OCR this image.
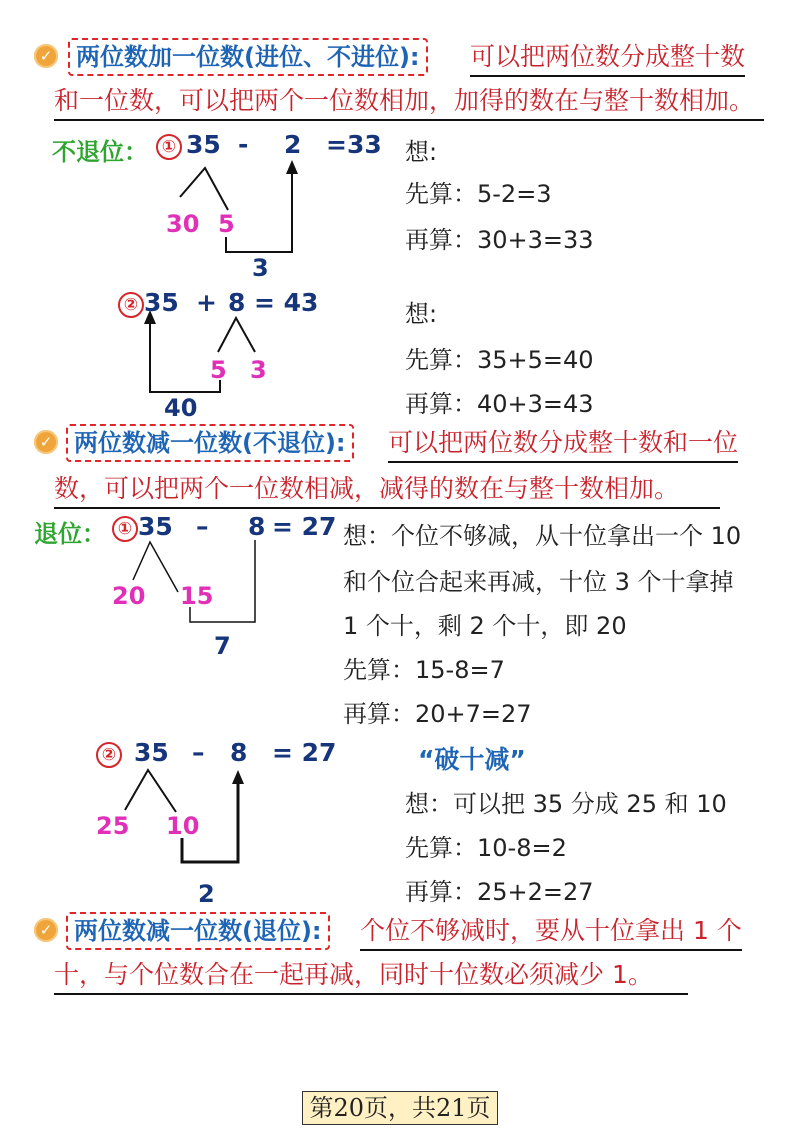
✓ 两位数加一位数(进位、不进位):	可以把两位数分成整十数
和一位数，可以把两个一位数相加，加得的数在与整十数相加。
不退位： ① 35 - 2 =33
30 5
3
想:
先算：5-2=3
再算：30+3=33
② 35 + 8 = 43
5 3
40
想:
先算：35+5=40
再算：40+3=43
✓ 两位数减一位数(不退位):	可以把两位数分成整十数和一位
数，可以把两个一位数相减，减得的数在与整十数相加。
退位： ① 35 – 8 = 27
20 15
7
想：个位不够减，从十位拿出一个 10
和个位合起来再减，十位 3 个十拿掉
1 个十，剩 2 个十，即 20
先算：15-8=7
再算：20+7=27
② 35 – 8 = 27
25 10
2
“破十减”
想：可以把 35 分成 25 和 10
先算：10-8=2
再算：25+2=27
✓ 两位数减一位数(退位):	个位不够减时，要从十位拿出 1 个
十，与个位数合在一起再减，同时十位数必须减少 1。
第20页，共21页
